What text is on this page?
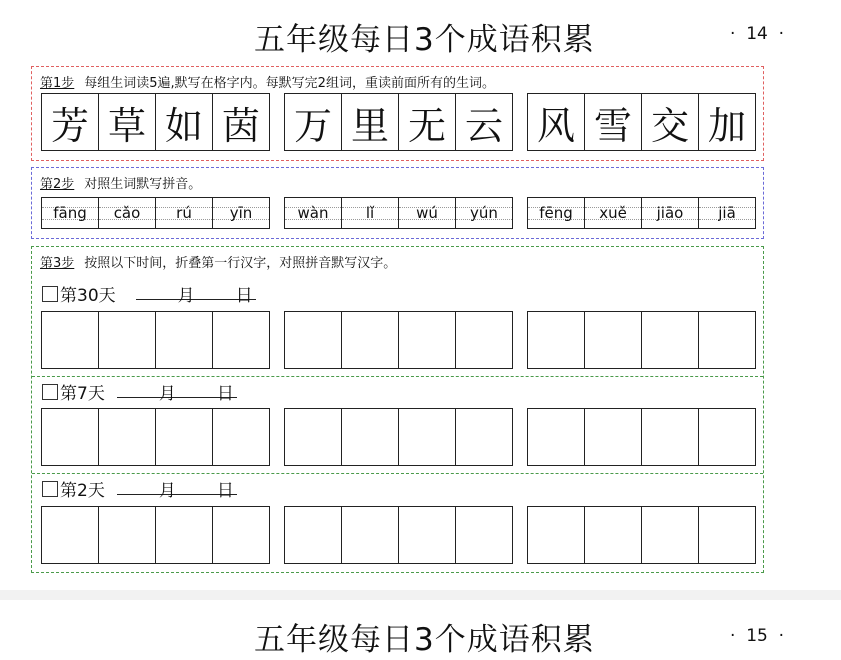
五年级每日3个成语积累	·  14  ·
第1步 每组生词读5遍,默写在格字内。每默写完2组词，重读前面所有的生词。
芳 草 如 茵 万 里 无 云 风 雪 交 加
第2步 对照生词默写拼音。
fāng cǎo rú	yīn	wàn lǐ	wú yún	fēng xuě jiāo jiā
第3步 按照以下时间，折叠第一行汉字，对照拼音默写汉字。
第30天	月 日
第7天	月 日
第2天	月 日
五年级每日3个成语积累	·  15  ·
